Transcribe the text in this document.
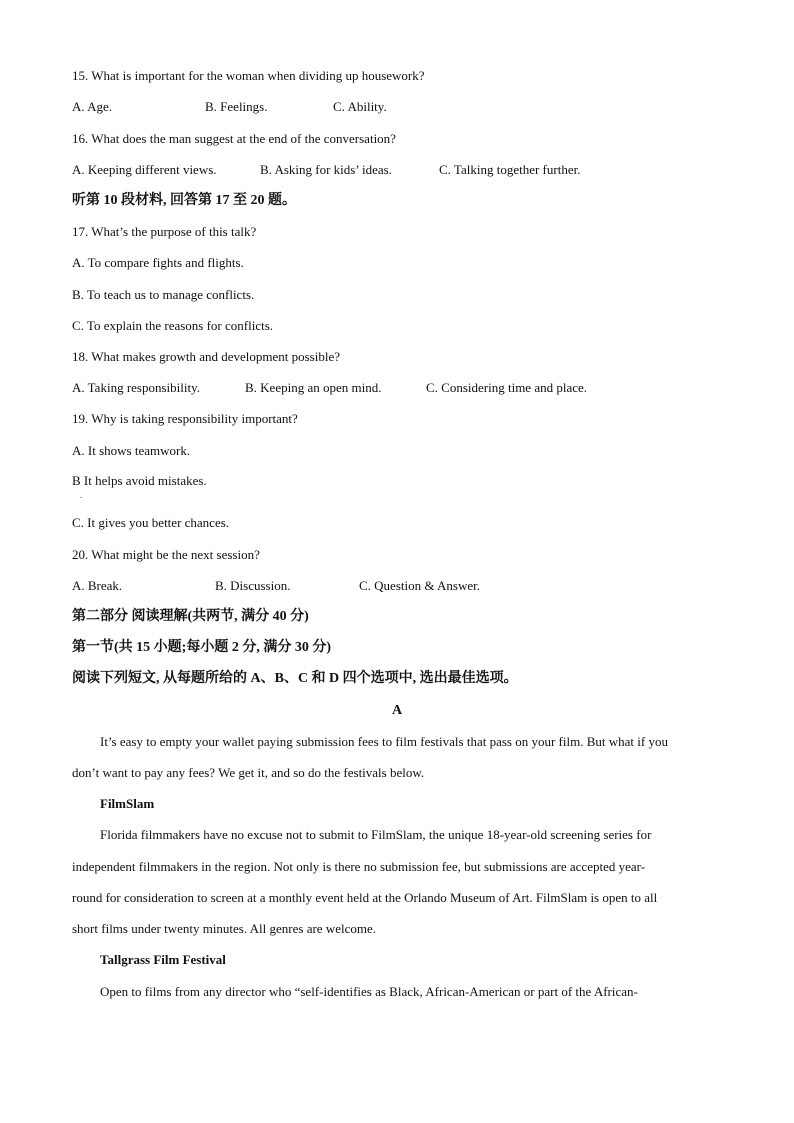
15. What is important for the woman when dividing up housework?
A. Age.	B. Feelings.	C. Ability.
16. What does the man suggest at the end of the conversation?
A. Keeping different views.	B. Asking for kids’ ideas.	C. Talking together further.
听第 10 段材料, 回答第 17 至 20 题。
17. What’s the purpose of this talk?
A. To compare fights and flights.
B. To teach us to manage conflicts.
C. To explain the reasons for conflicts.
18. What makes growth and development possible?
A. Taking responsibility.	B. Keeping an open mind.	C. Considering time and place.
19. Why is taking responsibility important?
A. It shows teamwork.
B It helps avoid mistakes.
.
C. It gives you better chances.
20. What might be the next session?
A. Break.	B. Discussion.	C. Question & Answer.
第二部分 阅读理解(共两节, 满分 40 分)
第一节(共 15 小题;每小题 2 分, 满分 30 分)
阅读下列短文, 从每题所给的 A、B、C 和 D 四个选项中, 选出最佳选项。
A
It’s easy to empty your wallet paying submission fees to film festivals that pass on your film. But what if you
don’t want to pay any fees? We get it, and so do the festivals below.
FilmSlam
Florida filmmakers have no excuse not to submit to FilmSlam, the unique 18-year-old screening series for
independent filmmakers in the region. Not only is there no submission fee, but submissions are accepted year-
round for consideration to screen at a monthly event held at the Orlando Museum of Art. FilmSlam is open to all
short films under twenty minutes. All genres are welcome.
Tallgrass Film Festival
Open to films from any director who “self-identifies as Black, African-American or part of the African-
